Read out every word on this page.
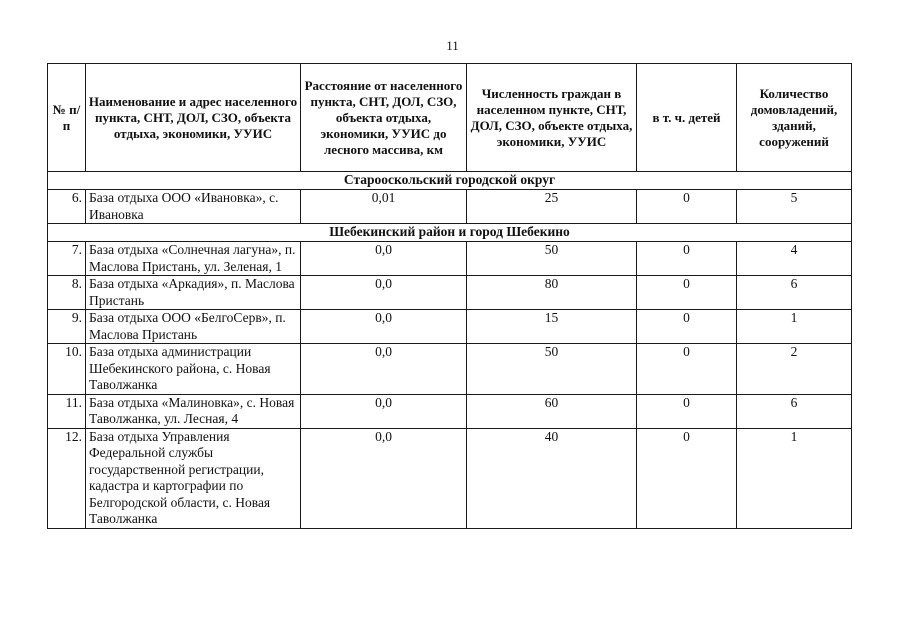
11
№ п/п	Наименование и адрес населенного пункта, СНТ, ДОЛ, СЗО, объекта отдыха, экономики, УУИС	Расстояние от населенного пункта, СНТ, ДОЛ, СЗО, объекта отдыха, экономики, УУИС до лесного массива, км	Численность граждан в населенном пункте, СНТ, ДОЛ, СЗО, объекте отдыха, экономики, УУИС	в т. ч. детей	Количество домовладений, зданий, сооружений
Старооскольский городской округ					
6.	База отдыха ООО «Ивановка», с. Ивановка	0,01	25	0	5
Шебекинский район и город Шебекино					
7.	База отдыха «Солнечная лагуна», п. Маслова Пристань, ул. Зеленая, 1	0,0	50	0	4
8.	База отдыха «Аркадия», п. Маслова Пристань	0,0	80	0	6
9.	База отдыха ООО «БелгоСерв», п. Маслова Пристань	0,0	15	0	1
10.	База отдыха администрации Шебекинского района, с. Новая Таволжанка	0,0	50	0	2
11.	База отдыха «Малиновка», с. Новая Таволжанка, ул. Лесная, 4	0,0	60	0	6
12.	База отдыха Управления Федеральной службы государственной регистрации, кадастра и картографии по Белгородской области, с. Новая Таволжанка	0,0	40	0	1
